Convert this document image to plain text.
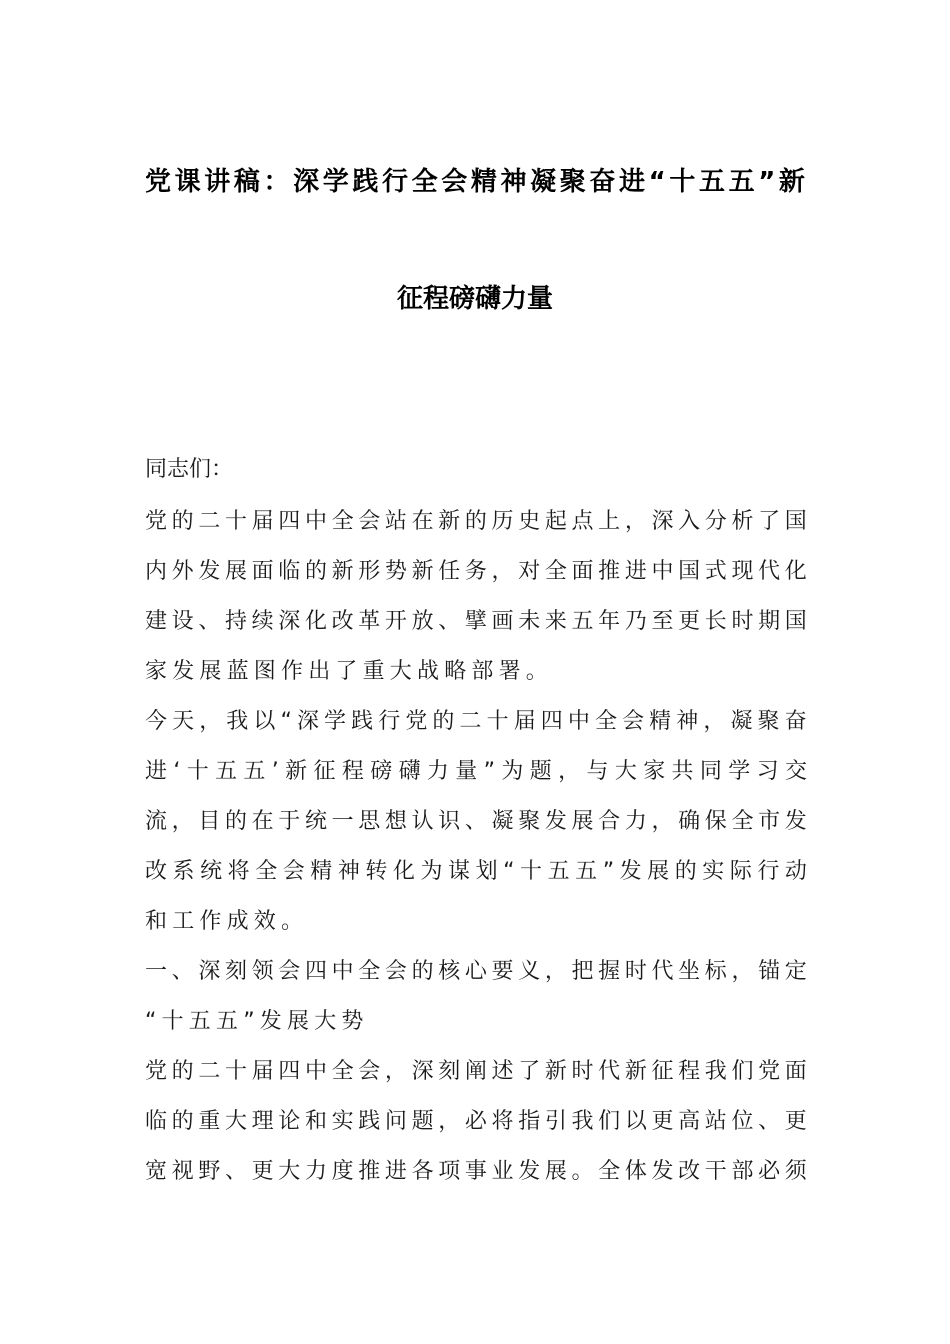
党 课 讲 稿 ： 深 学 践 行 全 会 精 神 凝 聚 奋 进 “ 十 五 五 ” 新
征程磅礴力量
同志们：
党 的 二 十 届 四 中 全 会 站 在 新 的 历 史 起 点 上 ， 深 入 分 析 了 国
内 外 发 展 面 临 的 新 形 势 新 任 务 ， 对 全 面 推 进 中 国 式 现 代 化
建 设 、 持 续 深 化 改 革 开 放 、 擘 画 未 来 五 年 乃 至 更 长 时 期 国
家发展蓝图作出了重大战略部署。
今 天 ， 我 以 “ 深 学 践 行 党 的 二 十 届 四 中 全 会 精 神 ， 凝 聚 奋
进 ‘ 十 五 五 ’ 新 征 程 磅 礴 力 量 ” 为 题 ， 与 大 家 共 同 学 习 交
流 ， 目 的 在 于 统 一 思 想 认 识 、 凝 聚 发 展 合 力 ， 确 保 全 市 发
改 系 统 将 全 会 精 神 转 化 为 谋 划 “ 十 五 五 ” 发 展 的 实 际 行 动
和工作成效。
一 、 深 刻 领 会 四 中 全 会 的 核 心 要 义 ， 把 握 时 代 坐 标 ， 锚 定
“十五五”发展大势
党 的 二 十 届 四 中 全 会 ， 深 刻 阐 述 了 新 时 代 新 征 程 我 们 党 面
临 的 重 大 理 论 和 实 践 问 题 ， 必 将 指 引 我 们 以 更 高 站 位 、 更
宽 视 野 、 更 大 力 度 推 进 各 项 事 业 发 展 。 全 体 发 改 干 部 必 须
